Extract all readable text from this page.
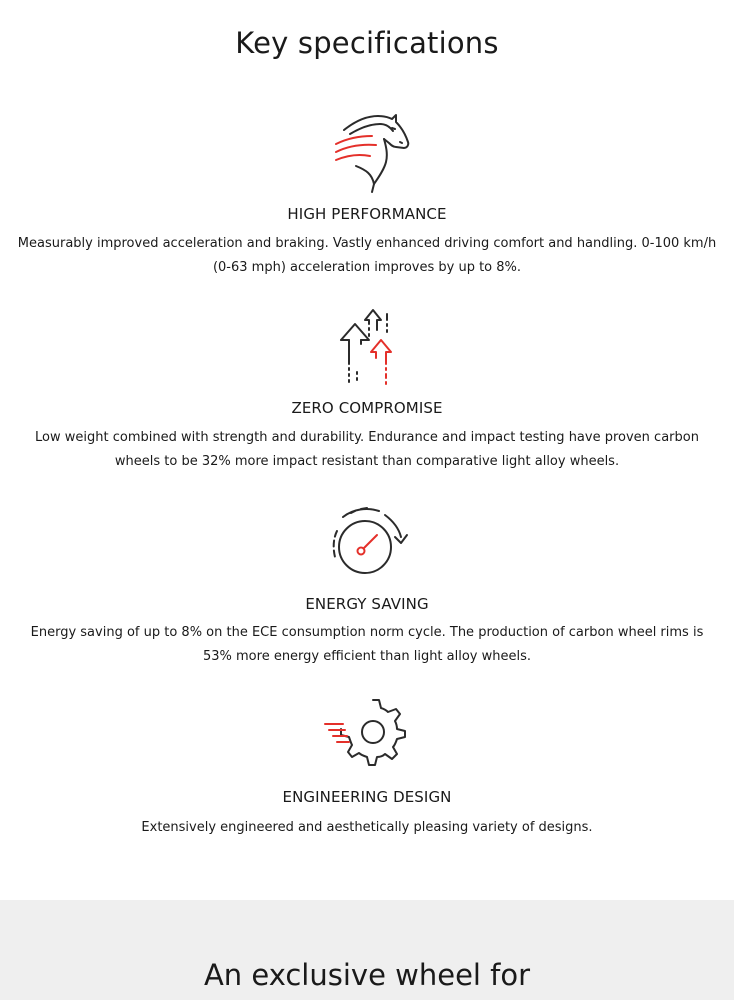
Key specifications
HIGH PERFORMANCE

Measurably improved acceleration and braking. Vastly enhanced driving comfort and handling. 0-100 km/h (0-63 mph) acceleration improves by up to 8%.

ZERO COMPROMISE

Low weight combined with strength and durability. Endurance and impact testing have proven carbon wheels to be 32% more impact resistant than comparative light alloy wheels.

ENERGY SAVING

Energy saving of up to 8% on the ECE consumption norm cycle. The production of carbon wheel rims is 53% more energy efficient than light alloy wheels.

ENGINEERING DESIGN

Extensively engineered and aesthetically pleasing variety of designs.

An exclusive wheel for
